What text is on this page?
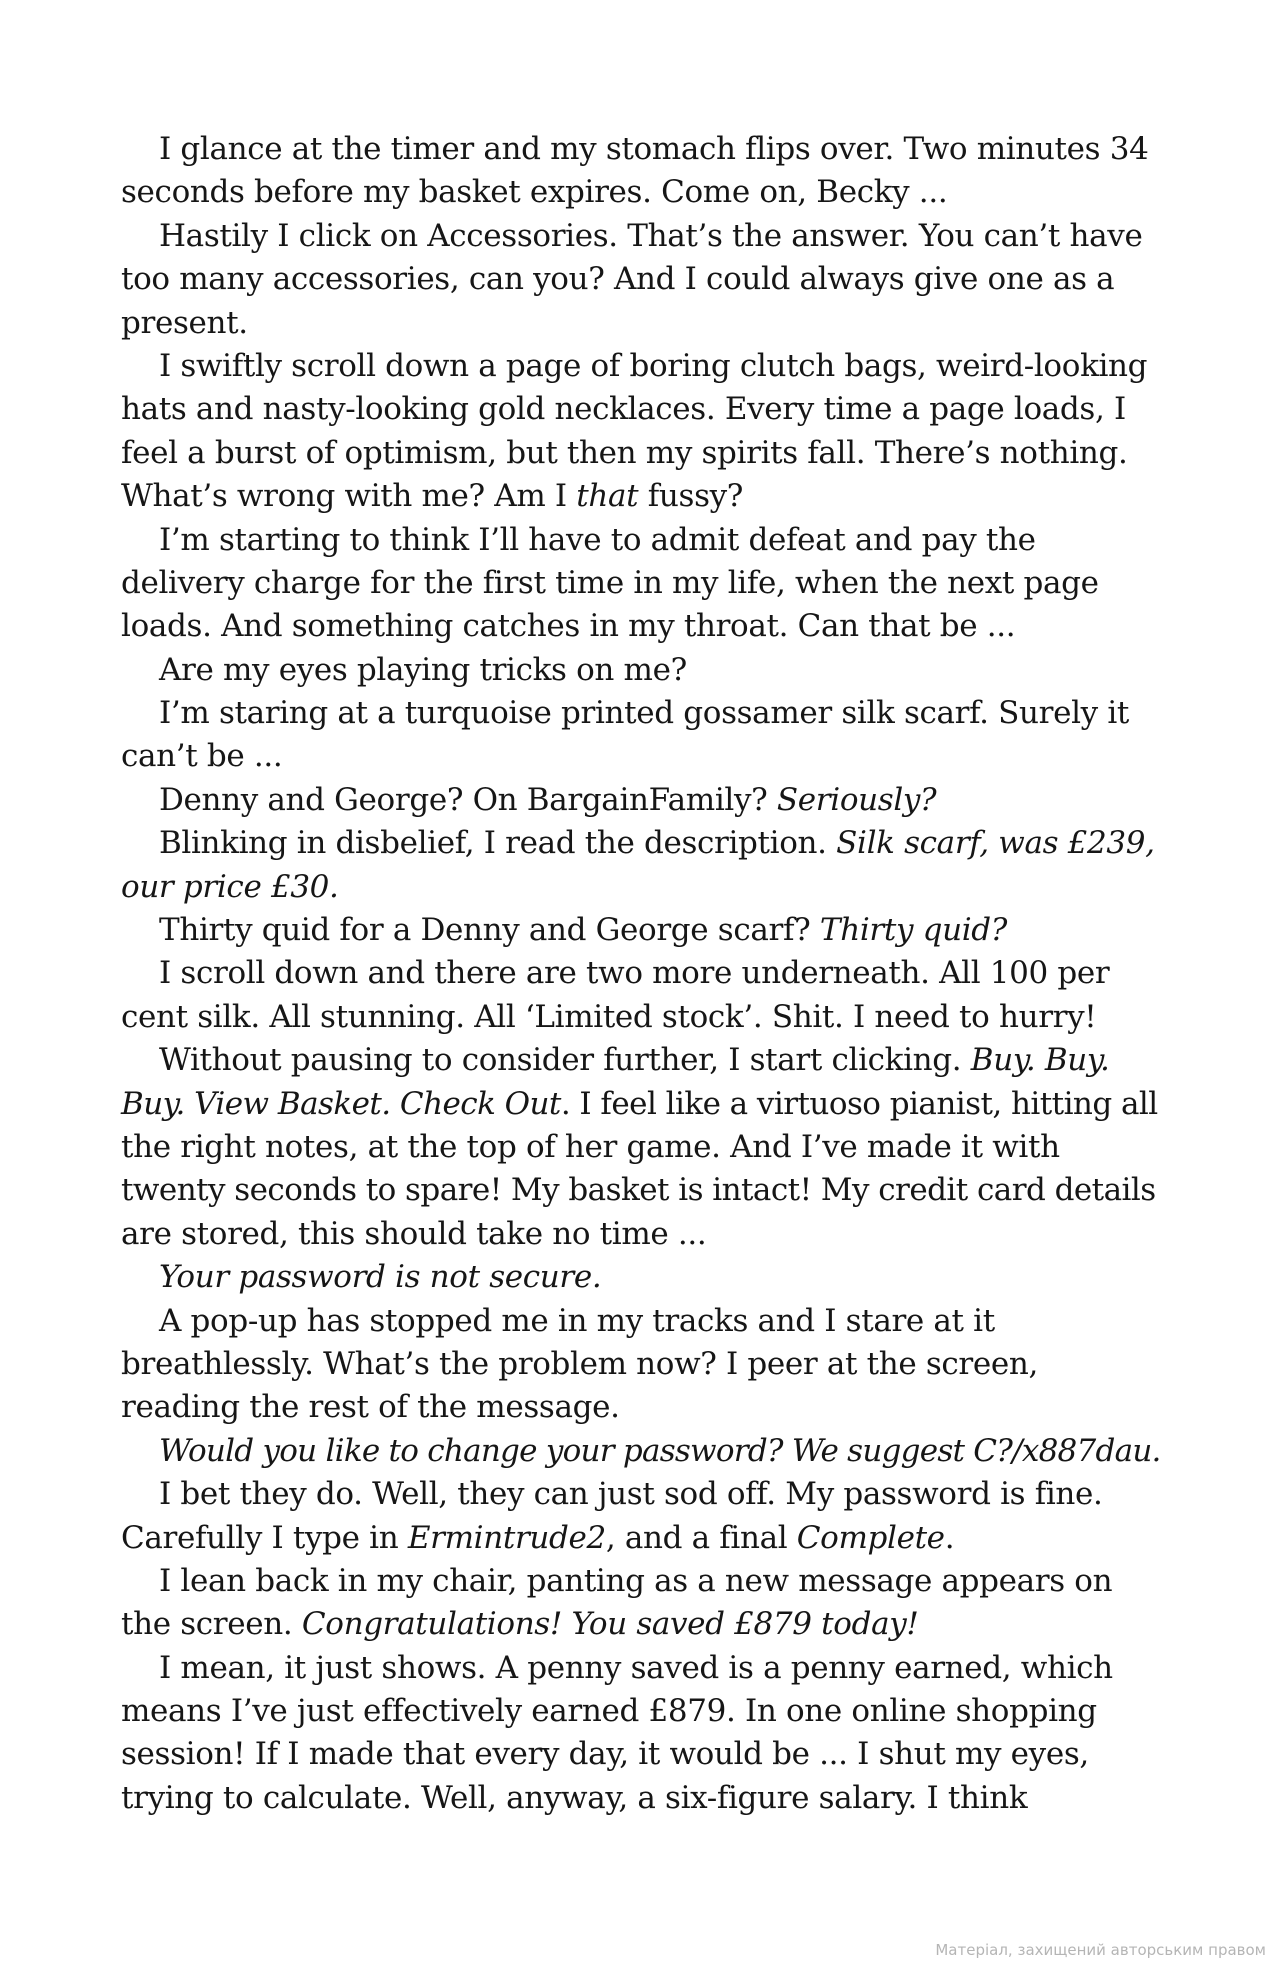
I glance at the timer and my stomach flips over. Two minutes 34
seconds before my basket expires. Come on, Becky ...
Hastily I click on Accessories. That’s the answer. You can’t have
too many accessories, can you? And I could always give one as a
present.
I swiftly scroll down a page of boring clutch bags, weird-looking
hats and nasty-looking gold necklaces. Every time a page loads, I
feel a burst of optimism, but then my spirits fall. There’s nothing.
What’s wrong with me? Am I that fussy?
I’m starting to think I’ll have to admit defeat and pay the
delivery charge for the first time in my life, when the next page
loads. And something catches in my throat. Can that be ...
Are my eyes playing tricks on me?
I’m staring at a turquoise printed gossamer silk scarf. Surely it
can’t be ...
Denny and George? On BargainFamily? Seriously?
Blinking in disbelief, I read the description. Silk scarf, was £239,
our price £30.
Thirty quid for a Denny and George scarf? Thirty quid?
I scroll down and there are two more underneath. All 100 per
cent silk. All stunning. All ‘Limited stock’. Shit. I need to hurry!
Without pausing to consider further, I start clicking. Buy. Buy.
Buy. View Basket. Check Out. I feel like a virtuoso pianist, hitting all
the right notes, at the top of her game. And I’ve made it with
twenty seconds to spare! My basket is intact! My credit card details
are stored, this should take no time ...
Your password is not secure.
A pop-up has stopped me in my tracks and I stare at it
breathlessly. What’s the problem now? I peer at the screen,
reading the rest of the message.
Would you like to change your password? We suggest C?/x887dau.
I bet they do. Well, they can just sod off. My password is fine.
Carefully I type in Ermintrude2, and a final Complete.
I lean back in my chair, panting as a new message appears on
the screen. Congratulations! You saved £879 today!
I mean, it just shows. A penny saved is a penny earned, which
means I’ve just effectively earned £879. In one online shopping
session! If I made that every day, it would be ... I shut my eyes,
trying to calculate. Well, anyway, a six-figure salary. I think
Матеріал, захищений авторським правом
